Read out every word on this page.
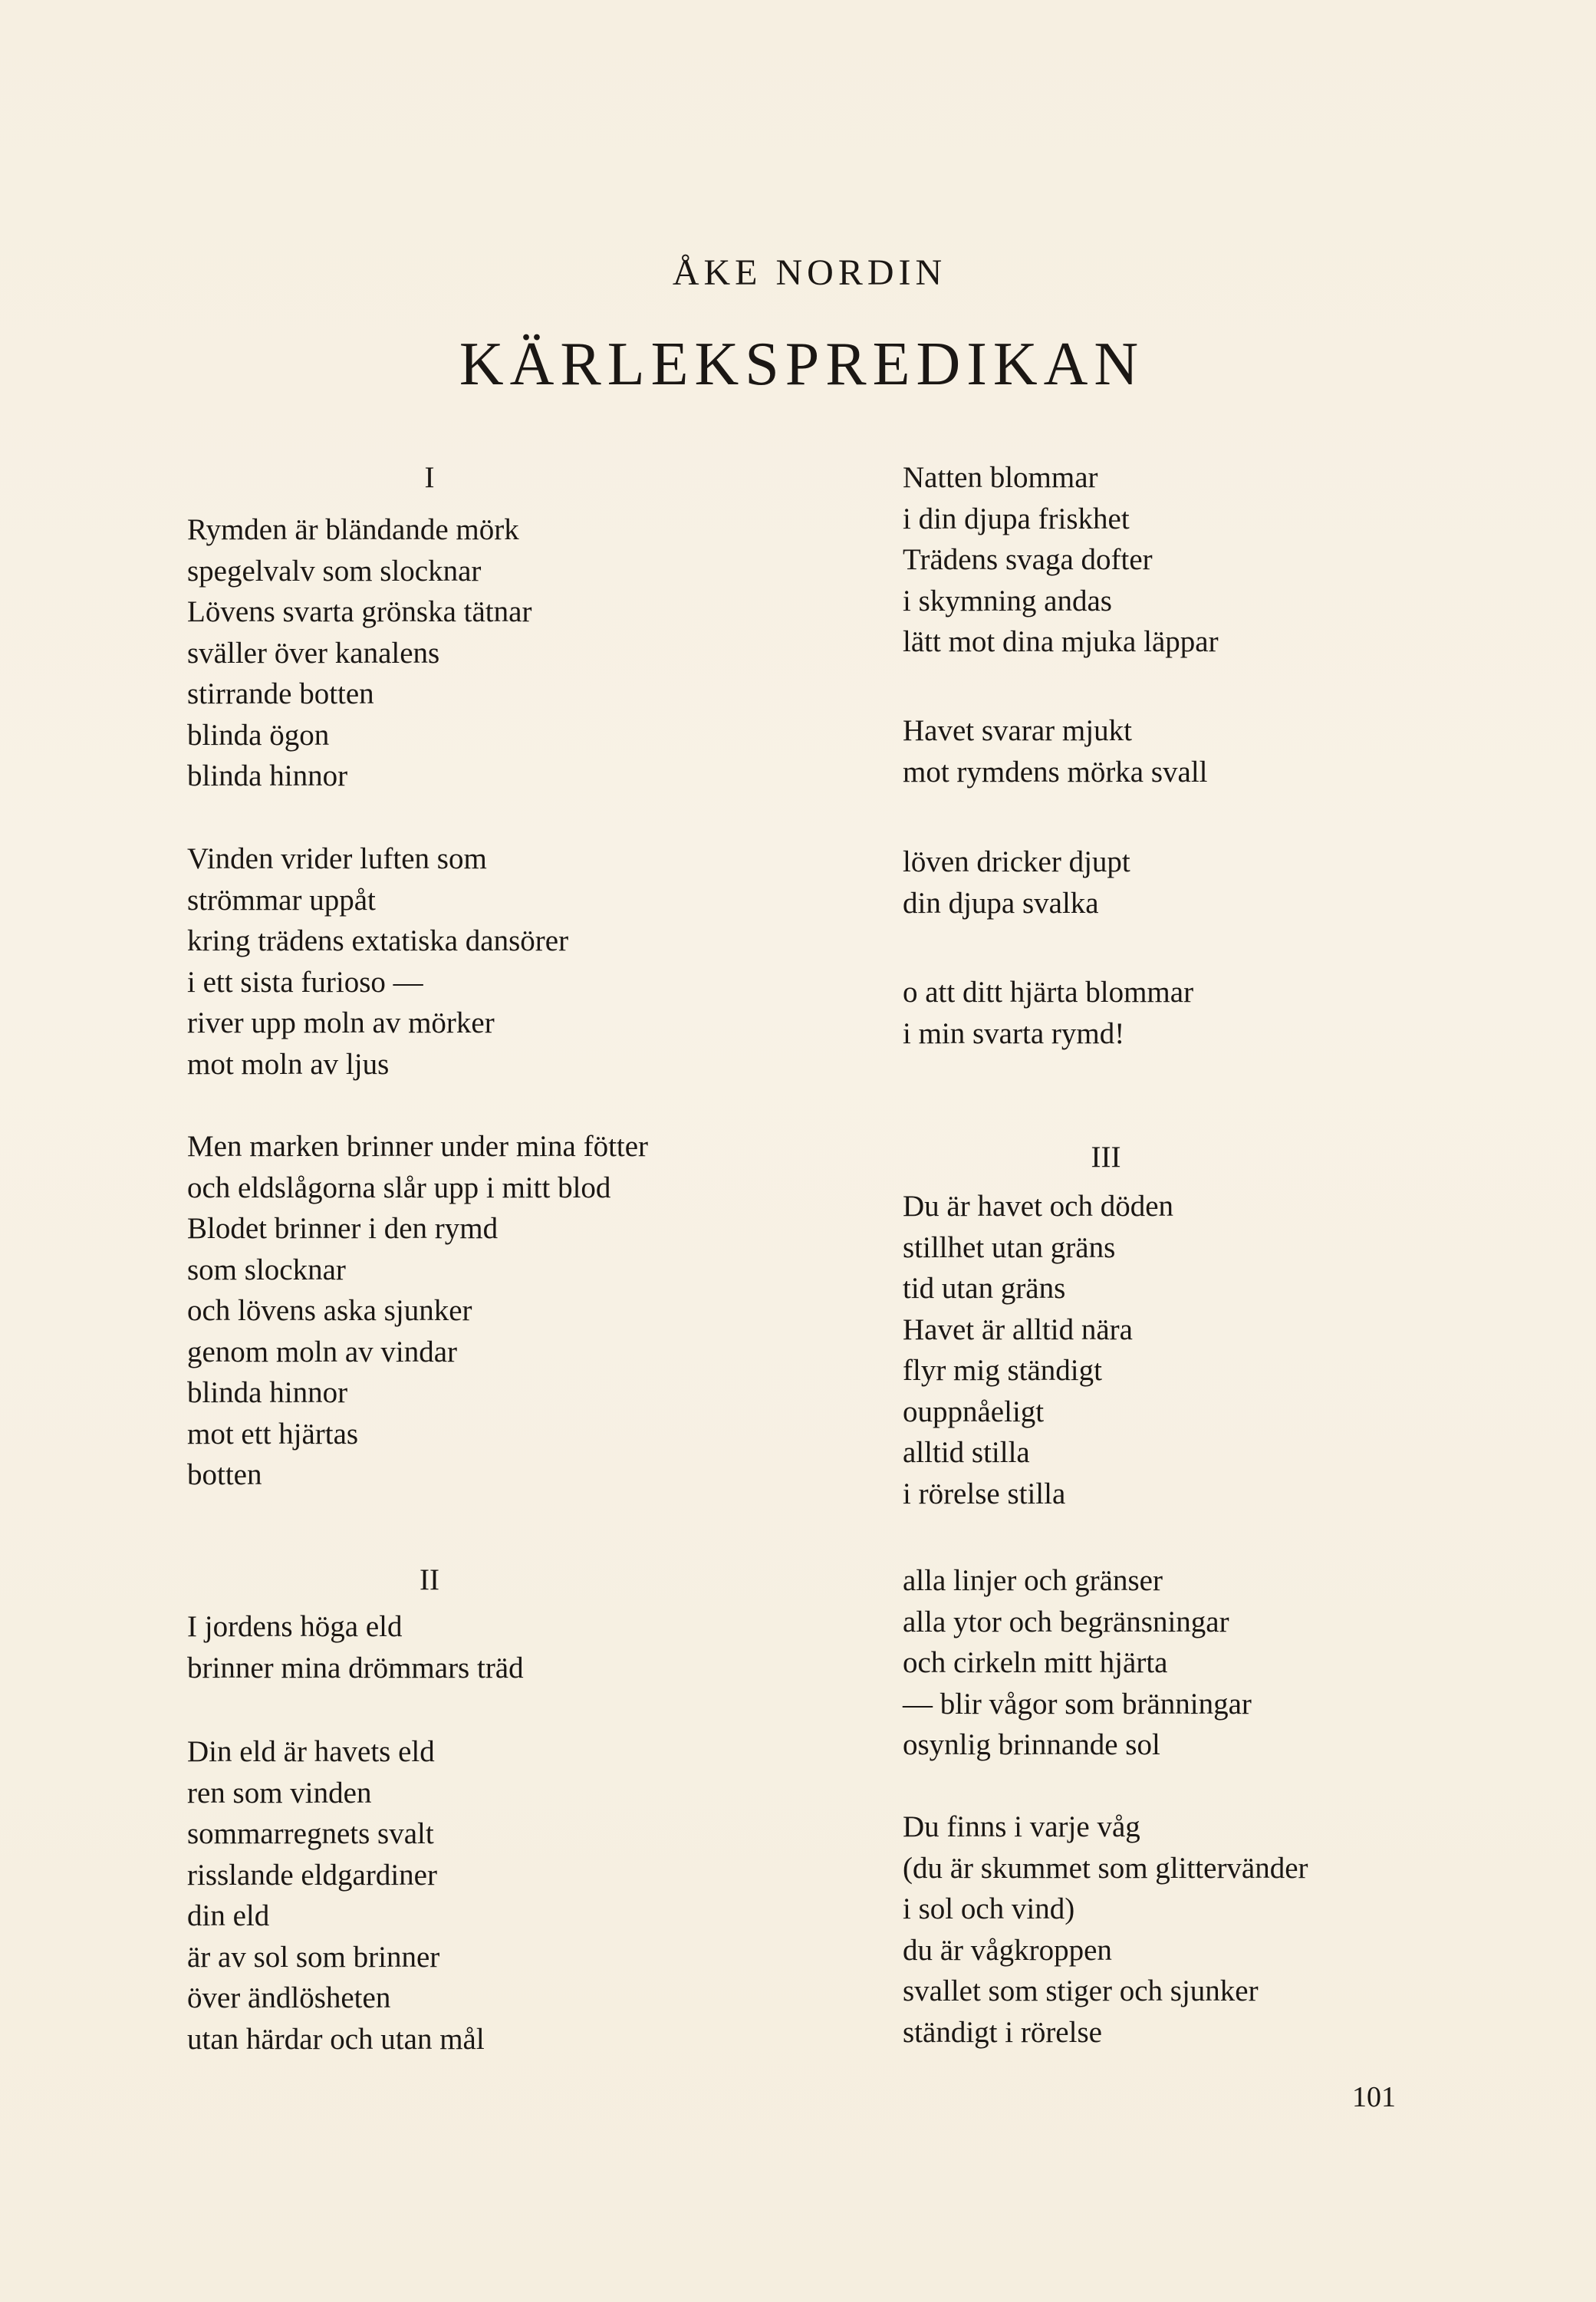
ÅKE NORDIN
KÄRLEKSPREDIKAN
I

Rymden är bländande mörk
spegelvalv som slocknar
Lövens svarta grönska tätnar
sväller över kanalens
stirrande botten
blinda ögon
blinda hinnor

Vinden vrider luften som
strömmar uppåt
kring trädens extatiska dansörer
i ett sista furioso —
river upp moln av mörker
mot moln av ljus

Men marken brinner under mina fötter
och eldslågorna slår upp i mitt blod
Blodet brinner i den rymd
som slocknar
och lövens aska sjunker
genom moln av vindar
blinda hinnor
mot ett hjärtas
botten

II

I jordens höga eld
brinner mina drömmars träd

Din eld är havets eld
ren som vinden
sommarregnets svalt
risslande eldgardiner
din eld
är av sol som brinner
över ändlösheten
utan härdar och utan mål

Natten blommar
i din djupa friskhet
Trädens svaga dofter
i skymning andas
lätt mot dina mjuka läppar

Havet svarar mjukt
mot rymdens mörka svall

löven dricker djupt
din djupa svalka

o att ditt hjärta blommar
i min svarta rymd!

III

Du är havet och döden
stillhet utan gräns
tid utan gräns
Havet är alltid nära
flyr mig ständigt
ouppnåeligt
alltid stilla
i rörelse stilla

alla linjer och gränser
alla ytor och begränsningar
och cirkeln mitt hjärta
— blir vågor som bränningar
osynlig brinnande sol

Du finns i varje våg
(du är skummet som glittervänder
i sol och vind)
du är vågkroppen
svallet som stiger och sjunker
ständigt i rörelse

101
